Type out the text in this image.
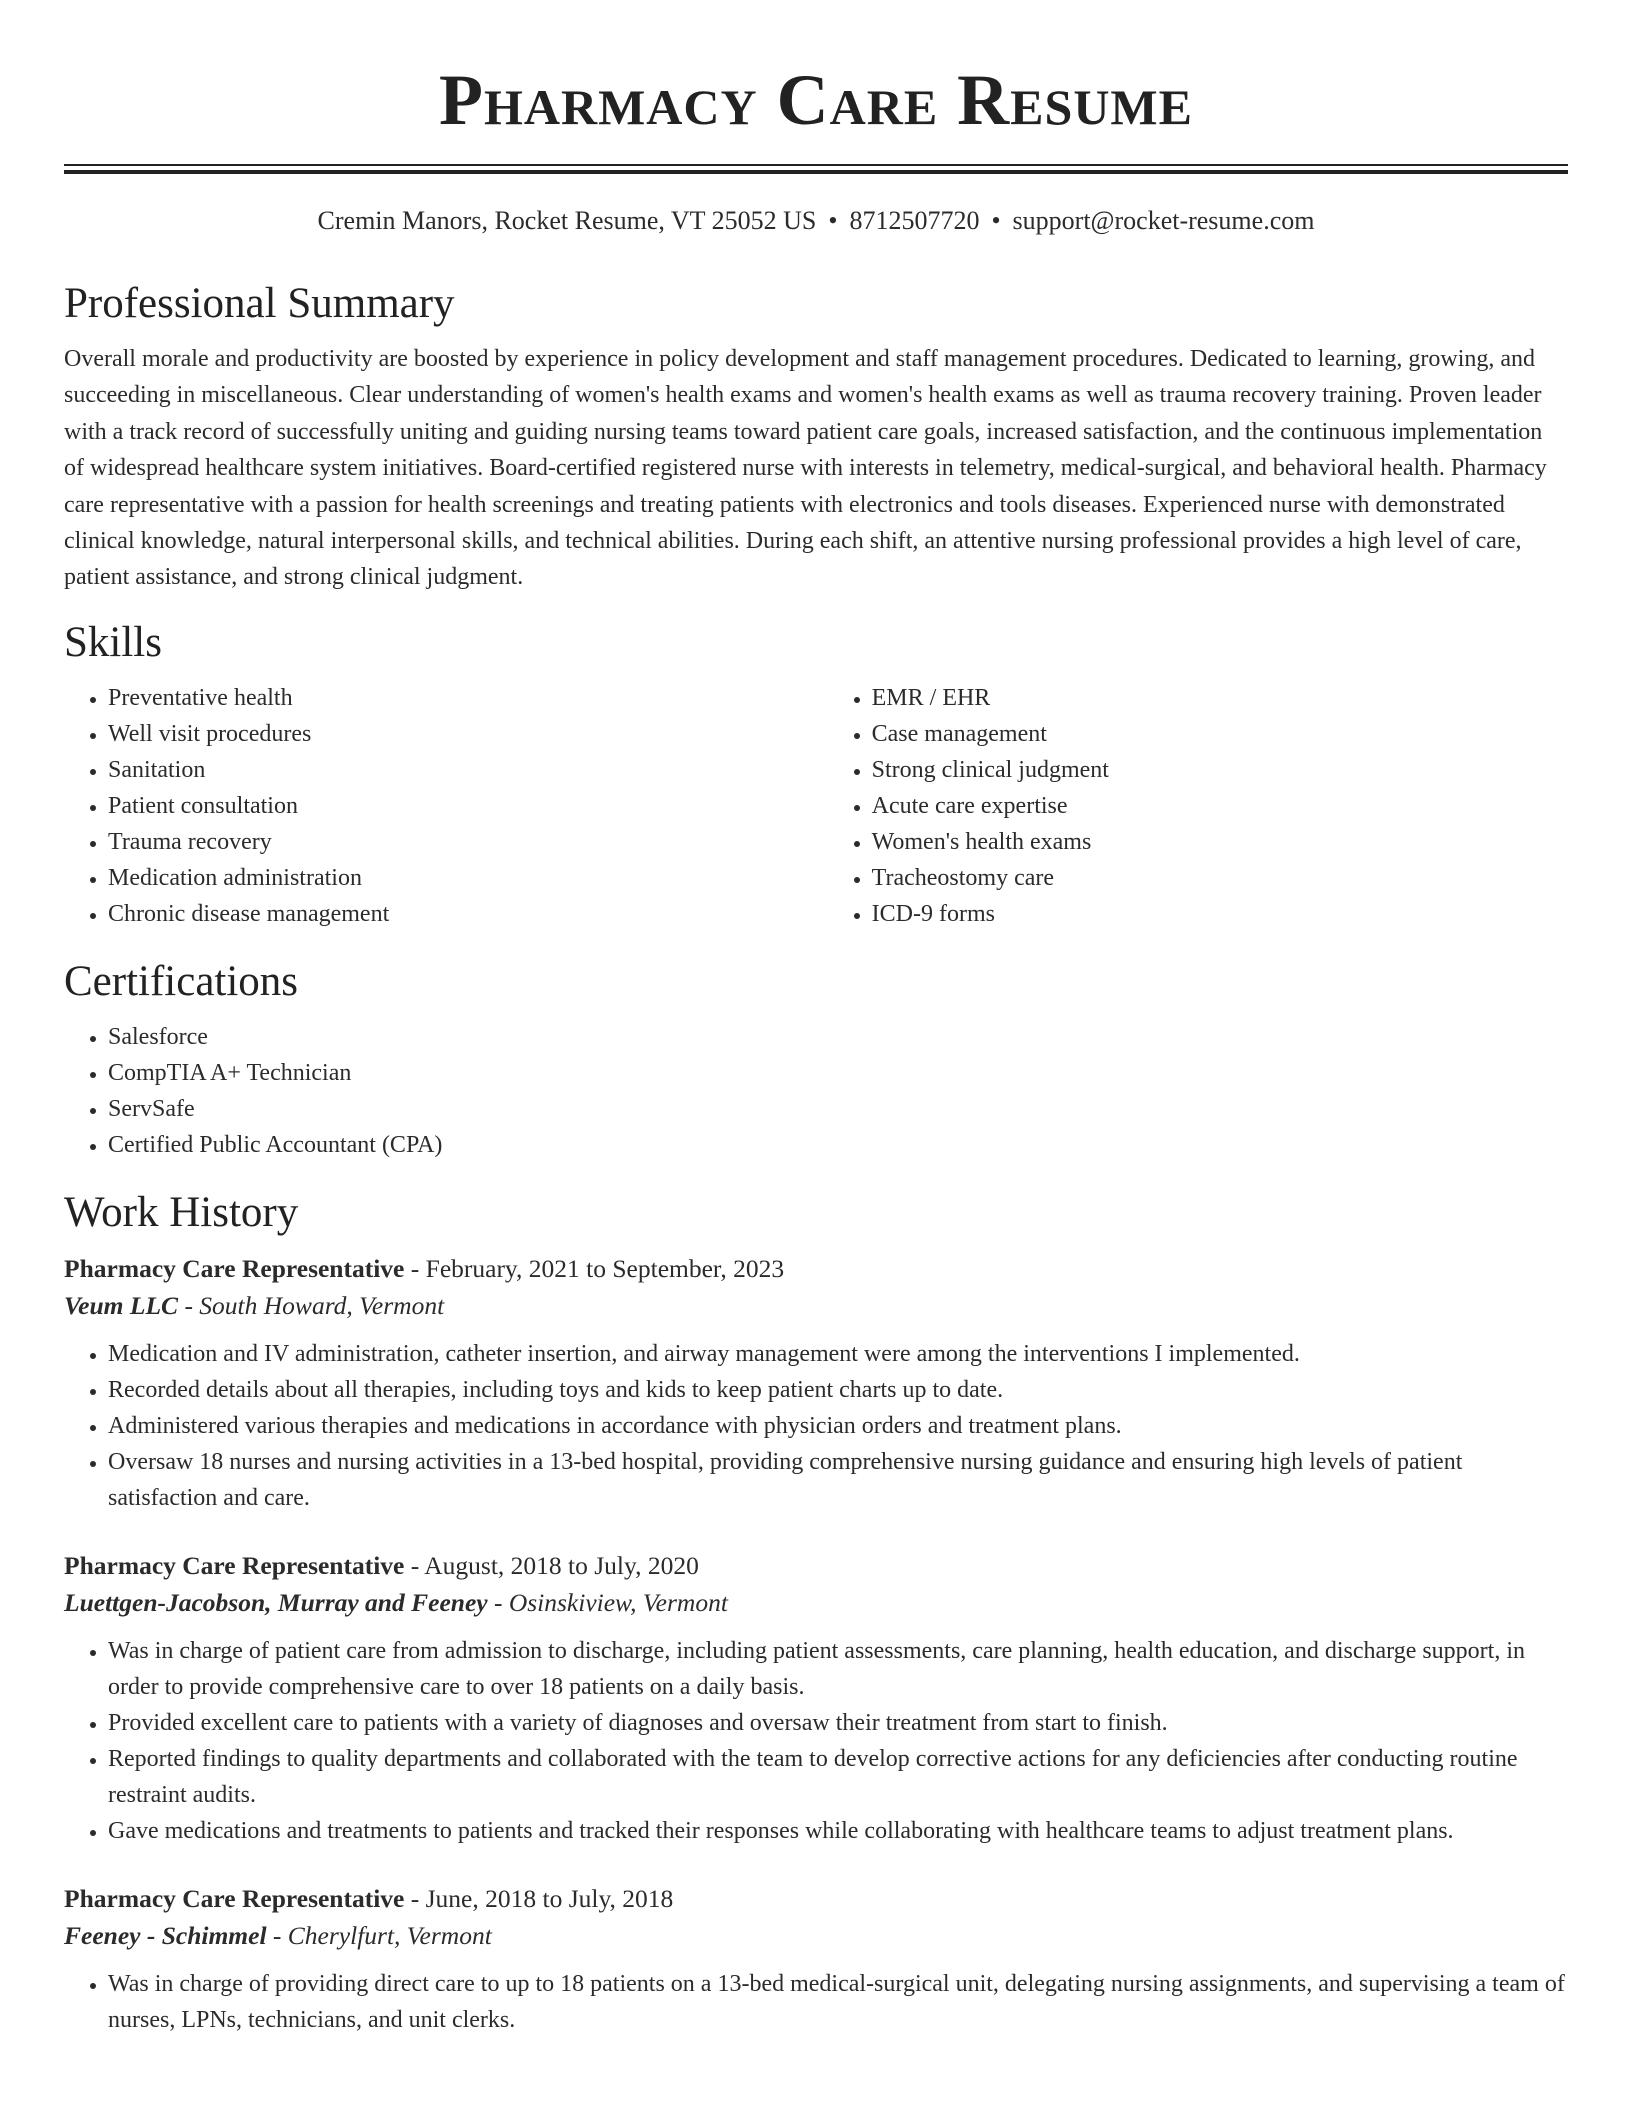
Pharmacy Care Resume
Cremin Manors, Rocket Resume, VT 25052 US • 8712507720 • support@rocket-resume.com
Professional Summary

Overall morale and productivity are boosted by experience in policy development and staff management procedures. Dedicated to learning, growing, and succeeding in miscellaneous. Clear understanding of women's health exams and women's health exams as well as trauma recovery training. Proven leader with a track record of successfully uniting and guiding nursing teams toward patient care goals, increased satisfaction, and the continuous implementation of widespread healthcare system initiatives. Board-certified registered nurse with interests in telemetry, medical-surgical, and behavioral health. Pharmacy care representative with a passion for health screenings and treating patients with electronics and tools diseases. Experienced nurse with demonstrated clinical knowledge, natural interpersonal skills, and technical abilities. During each shift, an attentive nursing professional provides a high level of care, patient assistance, and strong clinical judgment.

Skills
• Preventative health
• Well visit procedures
• Sanitation
• Patient consultation
• Trauma recovery
• Medication administration
• Chronic disease management
• EMR / EHR
• Case management
• Strong clinical judgment
• Acute care expertise
• Women's health exams
• Tracheostomy care
• ICD-9 forms
Certifications
• Salesforce
• CompTIA A+ Technician
• ServSafe
• Certified Public Accountant (CPA)
Work History
Pharmacy Care Representative - February, 2021 to September, 2023
Veum LLC - South Howard, Vermont
• Medication and IV administration, catheter insertion, and airway management were among the interventions I implemented.
• Recorded details about all therapies, including toys and kids to keep patient charts up to date.
• Administered various therapies and medications in accordance with physician orders and treatment plans.
• Oversaw 18 nurses and nursing activities in a 13-bed hospital, providing comprehensive nursing guidance and ensuring high levels of patient satisfaction and care.
Pharmacy Care Representative - August, 2018 to July, 2020
Luettgen-Jacobson, Murray and Feeney - Osinskiview, Vermont
• Was in charge of patient care from admission to discharge, including patient assessments, care planning, health education, and discharge support, in order to provide comprehensive care to over 18 patients on a daily basis.
• Provided excellent care to patients with a variety of diagnoses and oversaw their treatment from start to finish.
• Reported findings to quality departments and collaborated with the team to develop corrective actions for any deficiencies after conducting routine restraint audits.
• Gave medications and treatments to patients and tracked their responses while collaborating with healthcare teams to adjust treatment plans.
Pharmacy Care Representative - June, 2018 to July, 2018
Feeney - Schimmel - Cherylfurt, Vermont
• Was in charge of providing direct care to up to 18 patients on a 13-bed medical-surgical unit, delegating nursing assignments, and supervising a team of nurses, LPNs, technicians, and unit clerks.
